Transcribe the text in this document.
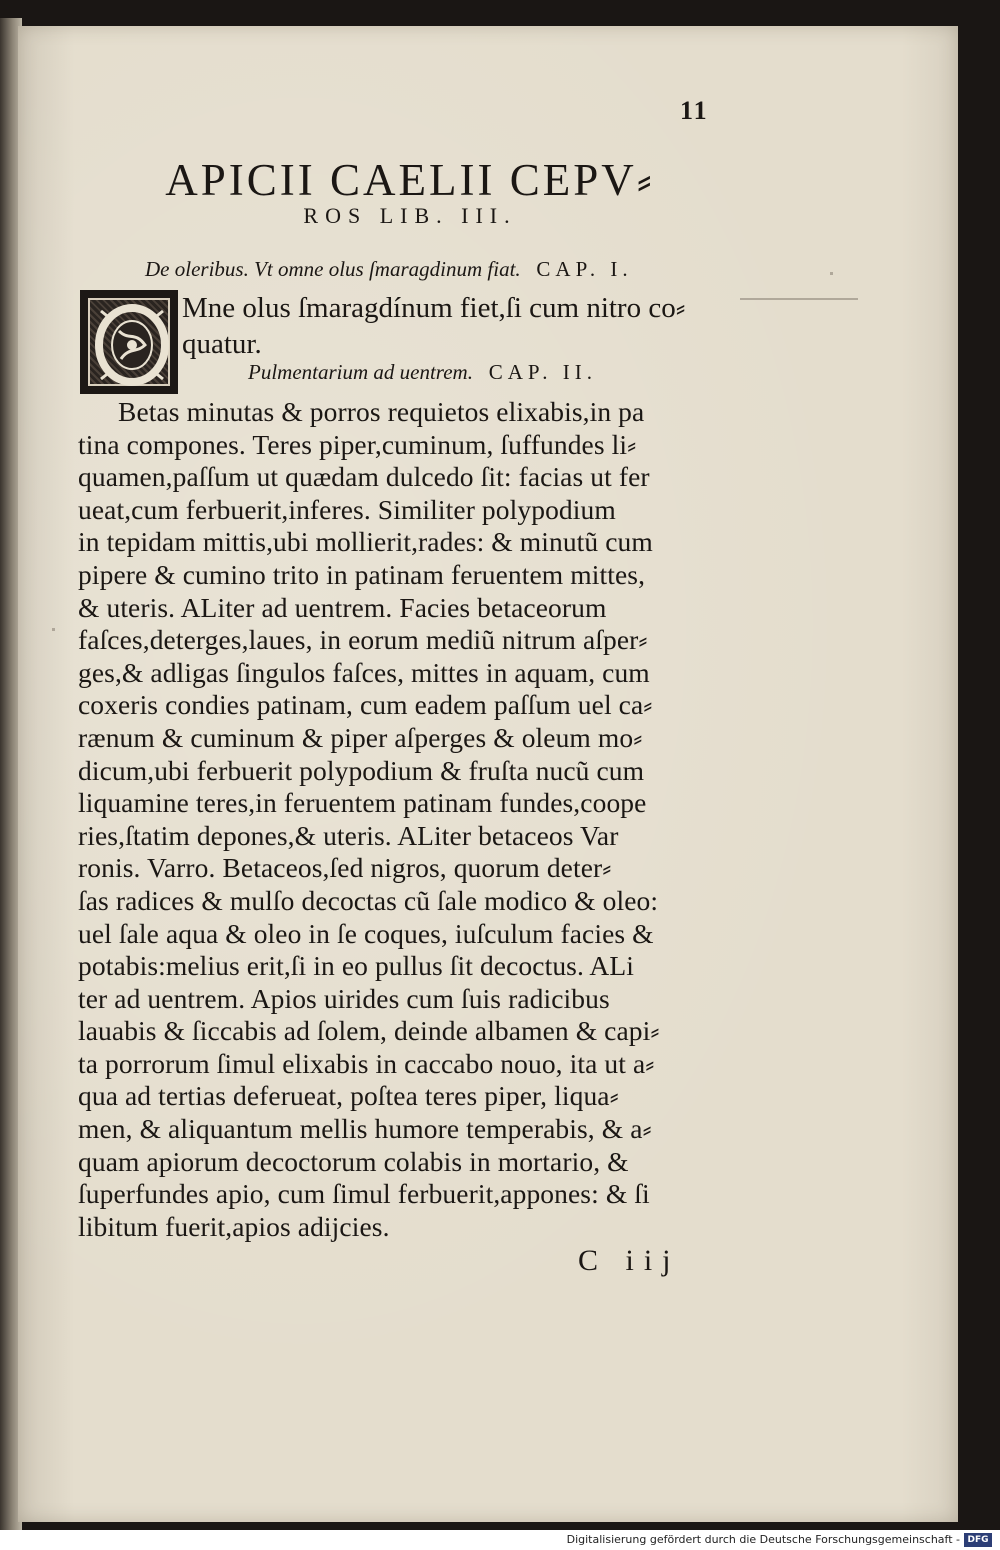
11
APICII CAELII CEPV⸗
ROS LIB. III.
De oleribus. Vt omne olus ſmaragdinum fiat. CAP. I.
Mne olus ſmaragdínum fiet,ſi cum nitro co⸗
quatur.
Pulmentarium ad uentrem. CAP. II.
Betas minutas & porros requietos elixabis,in pa
tina compones. Teres piper,cuminum, ſuffundes li⸗
quamen,paſſum ut quædam dulcedo ſit: facias ut fer
ueat,cum ferbuerit,inferes. Similiter polypodium
in tepidam mittis,ubi mollierit,rades: & minutũ cum
pipere & cumino trito in patinam feruentem mittes,
& uteris. ALiter ad uentrem. Facies betaceorum
faſces,deterges,laues, in eorum mediũ nitrum aſper⸗
ges,& adligas ſingulos faſces, mittes in aquam, cum
coxeris condies patinam, cum eadem paſſum uel ca⸗
rænum & cuminum & piper aſperges & oleum mo⸗
dicum,ubi ferbuerit polypodium & fruſta nucũ cum
liquamine teres,in feruentem patinam fundes,coope
ries,ſtatim depones,& uteris. ALiter betaceos Var
ronis. Varro. Betaceos,ſed nigros, quorum deter⸗
ſas radices & mulſo decoctas cũ ſale modico & oleo:
uel ſale aqua & oleo in ſe coques, iuſculum facies &
potabis:melius erit,ſi in eo pullus ſit decoctus. ALi
ter ad uentrem. Apios uirides cum ſuis radicibus
lauabis & ſiccabis ad ſolem, deinde albamen & capi⸗
ta porrorum ſimul elixabis in caccabo nouo, ita ut a⸗
qua ad tertias deferueat, poſtea teres piper, liqua⸗
men, & aliquantum mellis humore temperabis, & a⸗
quam apiorum decoctorum colabis in mortario, &
ſuperfundes apio, cum ſimul ferbuerit,appones: & ſi
libitum fuerit,apios adijcies.
C iij
Digitalisierung gefördert durch die Deutsche Forschungsgemeinschaft - DFG
